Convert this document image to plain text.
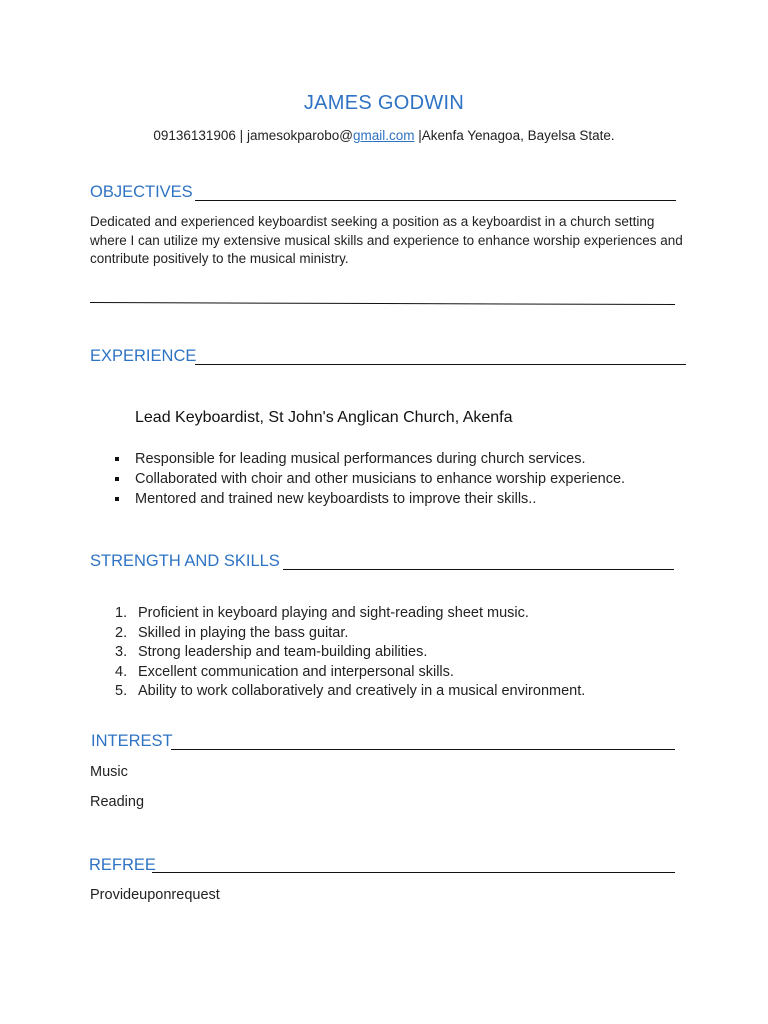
JAMES GODWIN
09136131906 | jamesokparobo@gmail.com |Akenfa Yenagoa, Bayelsa State.
OBJECTIVES
Dedicated and experienced keyboardist seeking a position as a keyboardist in a church setting where I can utilize my extensive musical skills and experience to enhance worship experiences and contribute positively to the musical ministry.
EXPERIENCE
Lead Keyboardist, St John's Anglican Church, Akenfa
Responsible for leading musical performances during church services.
Collaborated with choir and other musicians to enhance worship experience.
Mentored and trained new keyboardists to improve their skills..
STRENGTH AND SKILLS
1. Proficient in keyboard playing and sight-reading sheet music.
2. Skilled in playing the bass guitar.
3. Strong leadership and team-building abilities.
4. Excellent communication and interpersonal skills.
5. Ability to work collaboratively and creatively in a musical environment.
INTEREST
Music
Reading
REFREE
Provideuponrequest
